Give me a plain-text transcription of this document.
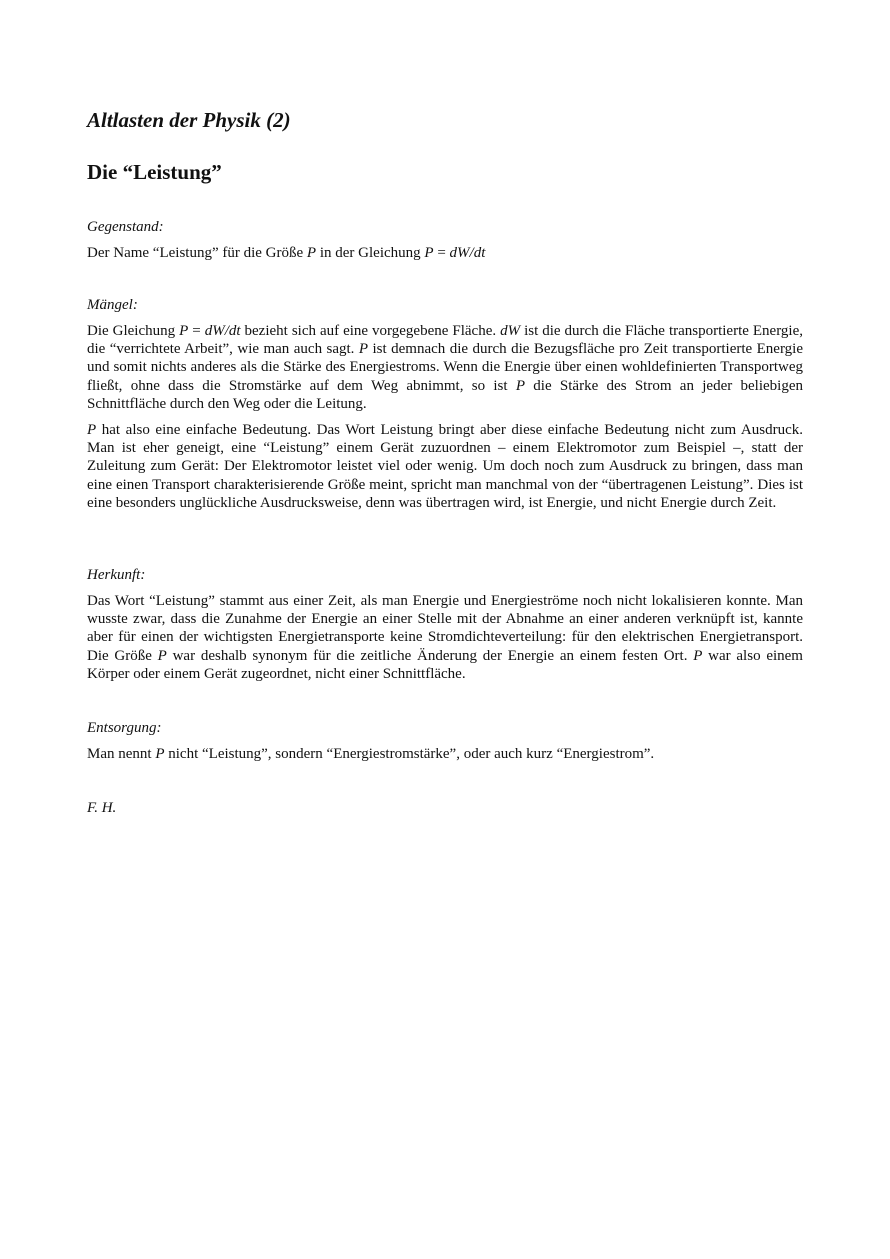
Altlasten der Physik (2)
Die “Leistung”

Gegenstand:

Der Name “Leistung” für die Größe P in der Gleichung P = dW/dt

Mängel:

Die Gleichung P = dW/dt bezieht sich auf eine vorgegebene Fläche. dW ist die durch die Fläche transportierte Energie, die “verrichtete Arbeit”, wie man auch sagt. P ist demnach die durch die Bezugsfläche pro Zeit transportierte Energie und somit nichts anderes als die Stärke des Energiestroms. Wenn die Energie über einen wohldefinierten Transportweg fließt, ohne dass die Stromstärke auf dem Weg abnimmt, so ist P die Stärke des Strom an jeder beliebigen Schnittfläche durch den Weg oder die Leitung.

P hat also eine einfache Bedeutung. Das Wort Leistung bringt aber diese einfache Bedeutung nicht zum Ausdruck. Man ist eher geneigt, eine “Leistung” einem Gerät zuzuordnen – einem Elektromotor zum Beispiel –, statt der Zuleitung zum Gerät: Der Elektromotor leistet viel oder wenig. Um doch noch zum Ausdruck zu bringen, dass man eine einen Transport charakterisierende Größe meint, spricht man manchmal von der “übertragenen Leistung”. Dies ist eine besonders unglückliche Ausdrucksweise, denn was übertragen wird, ist Energie, und nicht Energie durch Zeit.

Herkunft:

Das Wort “Leistung” stammt aus einer Zeit, als man Energie und Energieströme noch nicht lokalisieren konnte. Man wusste zwar, dass die Zunahme der Energie an einer Stelle mit der Abnahme an einer anderen verknüpft ist, kannte aber für einen der wichtigsten Energietransporte keine Stromdichteverteilung: für den elektrischen Energietransport. Die Größe P war deshalb synonym für die zeitliche Änderung der Energie an einem festen Ort. P war also einem Körper oder einem Gerät zugeordnet, nicht einer Schnittfläche.

Entsorgung:

Man nennt P nicht “Leistung”, sondern “Energiestromstärke”, oder auch kurz “Energiestrom”.

F. H.
